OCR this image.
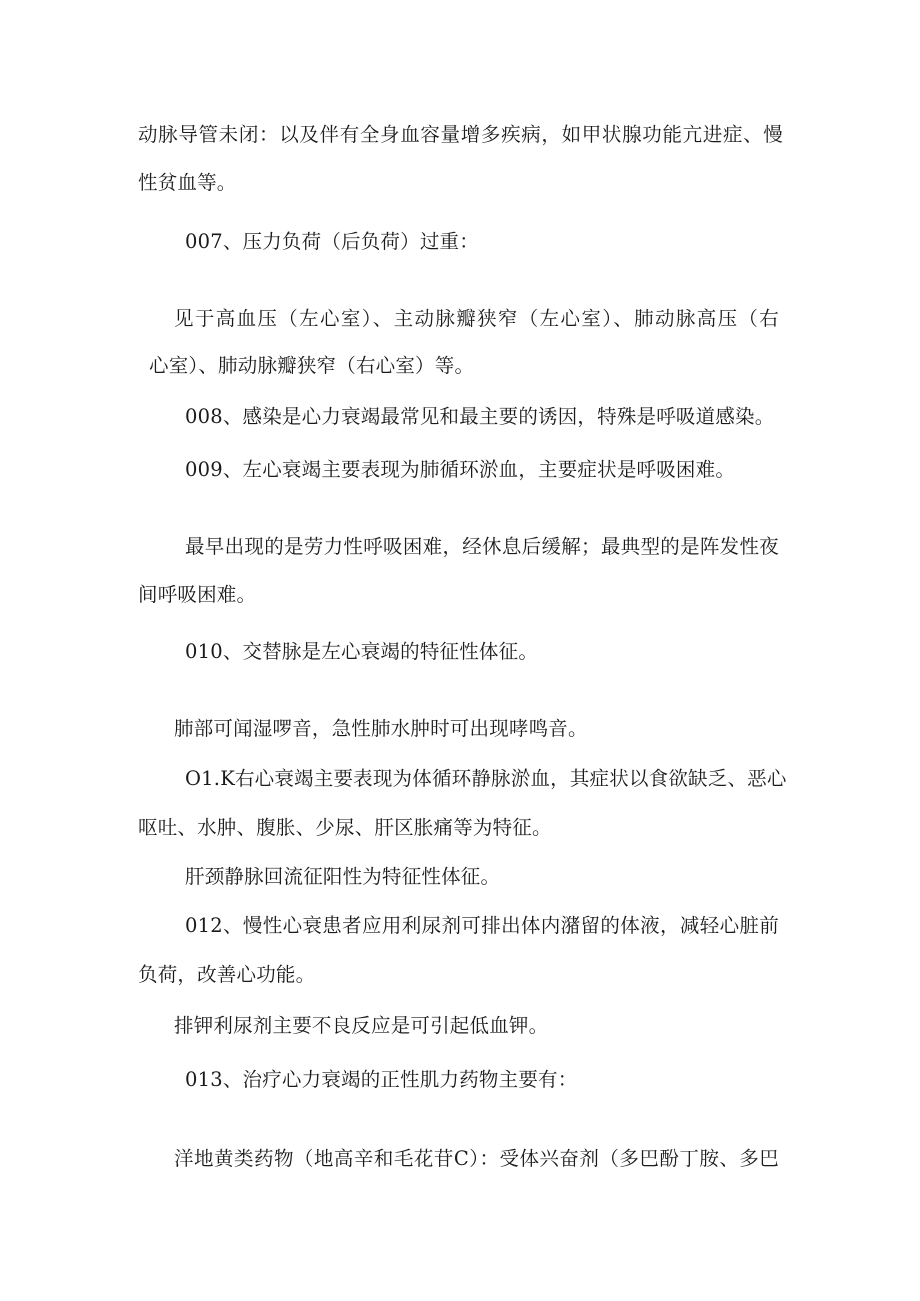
动脉导管未闭：以及伴有全身血容量增多疾病，如甲状腺功能亢进症、慢

性贫血等。

007、压力负荷（后负荷）过重：

见于高血压（左心室）、主动脉瓣狭窄（左心室）、肺动脉高压（右

心室）、肺动脉瓣狭窄（右心室）等。

008、感染是心力衰竭最常见和最主要的诱因，特殊是呼吸道感染。

009、左心衰竭主要表现为肺循环淤血，主要症状是呼吸困难。

最早出现的是劳力性呼吸困难，经休息后缓解；最典型的是阵发性夜

间呼吸困难。

010、交替脉是左心衰竭的特征性体征。

肺部可闻湿啰音，急性肺水肿时可出现哮鸣音。

O1.K右心衰竭主要表现为体循环静脉淤血，其症状以食欲缺乏、恶心

呕吐、水肿、腹胀、少尿、肝区胀痛等为特征。

肝颈静脉回流征阳性为特征性体征。

012、慢性心衰患者应用利尿剂可排出体内潴留的体液，减轻心脏前

负荷，改善心功能。

排钾利尿剂主要不良反应是可引起低血钾。

013、治疗心力衰竭的正性肌力药物主要有：

洋地黄类药物（地高辛和毛花苷C）：受体兴奋剂（多巴酚丁胺、多巴
